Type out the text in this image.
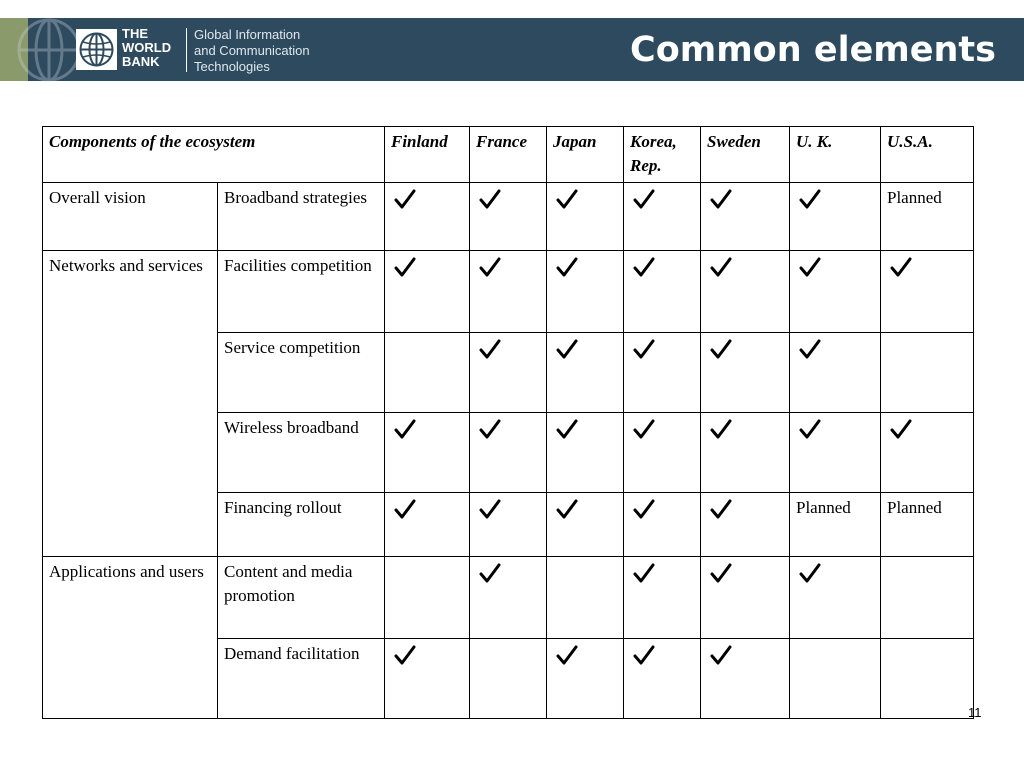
THE
WORLD
BANK
Global Information
and Communication
Technologies	Common elements
Components of the ecosystem		Finland	France	Japan	Korea, Rep.	Sweden	U. K.	U.S.A.
Overall vision	Broadband strategies							Planned
Networks and services	Facilities competition							
	Service competition							
	Wireless broadband							
	Financing rollout						Planned	Planned
Applications and users	Content and media promotion							
	Demand facilitation							
11
